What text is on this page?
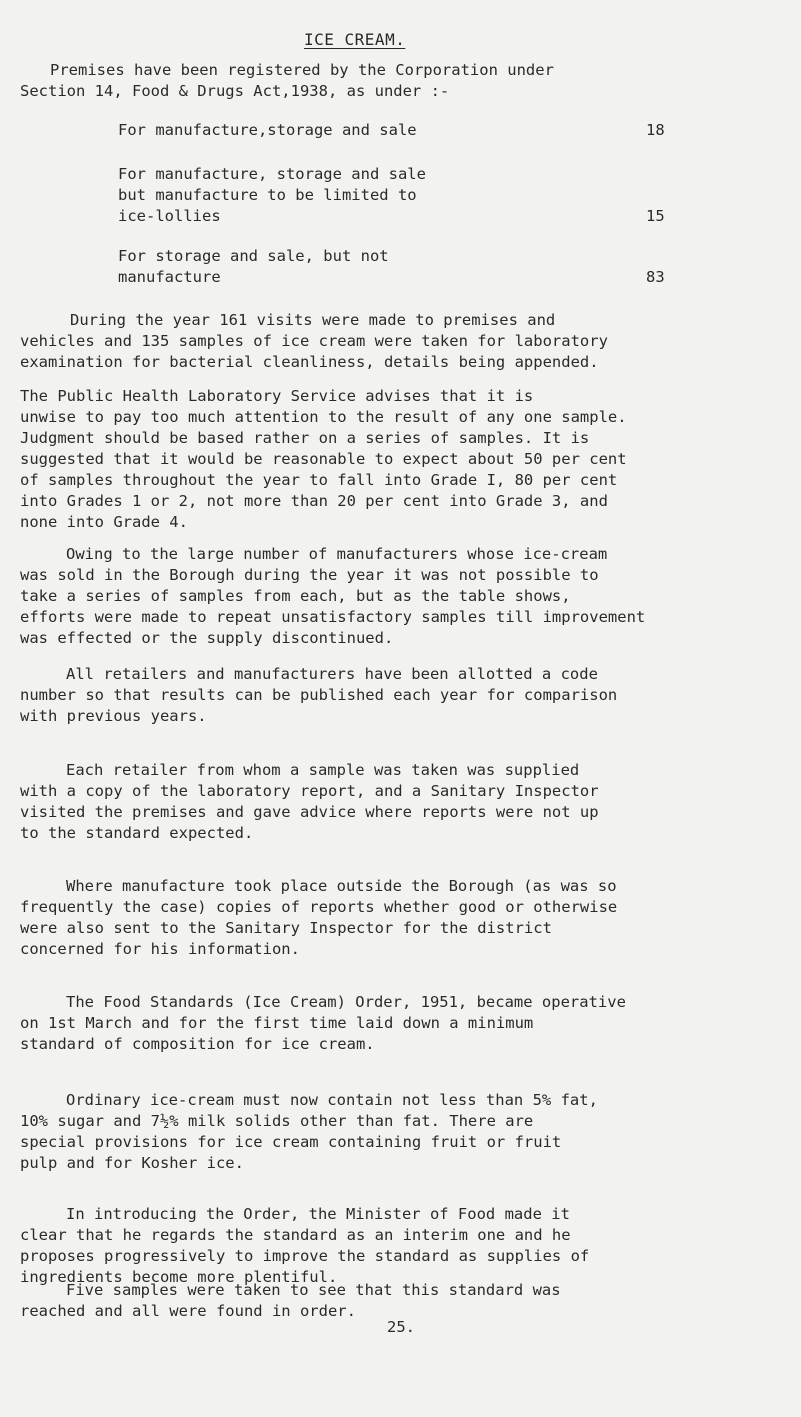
ICE CREAM.
Premises have been registered by the Corporation under
Section 14, Food & Drugs Act,1938, as under :-
For manufacture,storage and sale	18
For manufacture, storage and sale
but manufacture to be limited to
ice-lollies	15
For storage and sale, but not
manufacture	83
During the year 161 visits were made to premises and
vehicles and 135 samples of ice cream were taken for laboratory
examination for bacterial cleanliness, details being appended.
The Public Health Laboratory Service advises that it is
unwise to pay too much attention to the result of any one sample.
Judgment should be based rather on a series of samples. It is
suggested that it would be reasonable to expect about 50 per cent
of samples throughout the year to fall into Grade I, 80 per cent
into Grades 1 or 2, not more than 20 per cent into Grade 3, and
none into Grade 4.
Owing to the large number of manufacturers whose ice-cream
was sold in the Borough during the year it was not possible to
take a series of samples from each, but as the table shows,
efforts were made to repeat unsatisfactory samples till improvement
was effected or the supply discontinued.
All retailers and manufacturers have been allotted a code
number so that results can be published each year for comparison
with previous years.
Each retailer from whom a sample was taken was supplied
with a copy of the laboratory report, and a Sanitary Inspector
visited the premises and gave advice where reports were not up
to the standard expected.
Where manufacture took place outside the Borough (as was so
frequently the case) copies of reports whether good or otherwise
were also sent to the Sanitary Inspector for the district
concerned for his information.
The Food Standards (Ice Cream) Order, 1951, became operative
on 1st March and for the first time laid down a minimum
standard of composition for ice cream.
Ordinary ice-cream must now contain not less than 5% fat,
10% sugar and 7½% milk solids other than fat. There are
special provisions for ice cream containing fruit or fruit
pulp and for Kosher ice.
In introducing the Order, the Minister of Food made it
clear that he regards the standard as an interim one and he
proposes progressively to improve the standard as supplies of
ingredients become more plentiful.
Five samples were taken to see that this standard was
reached and all were found in order.
25.
